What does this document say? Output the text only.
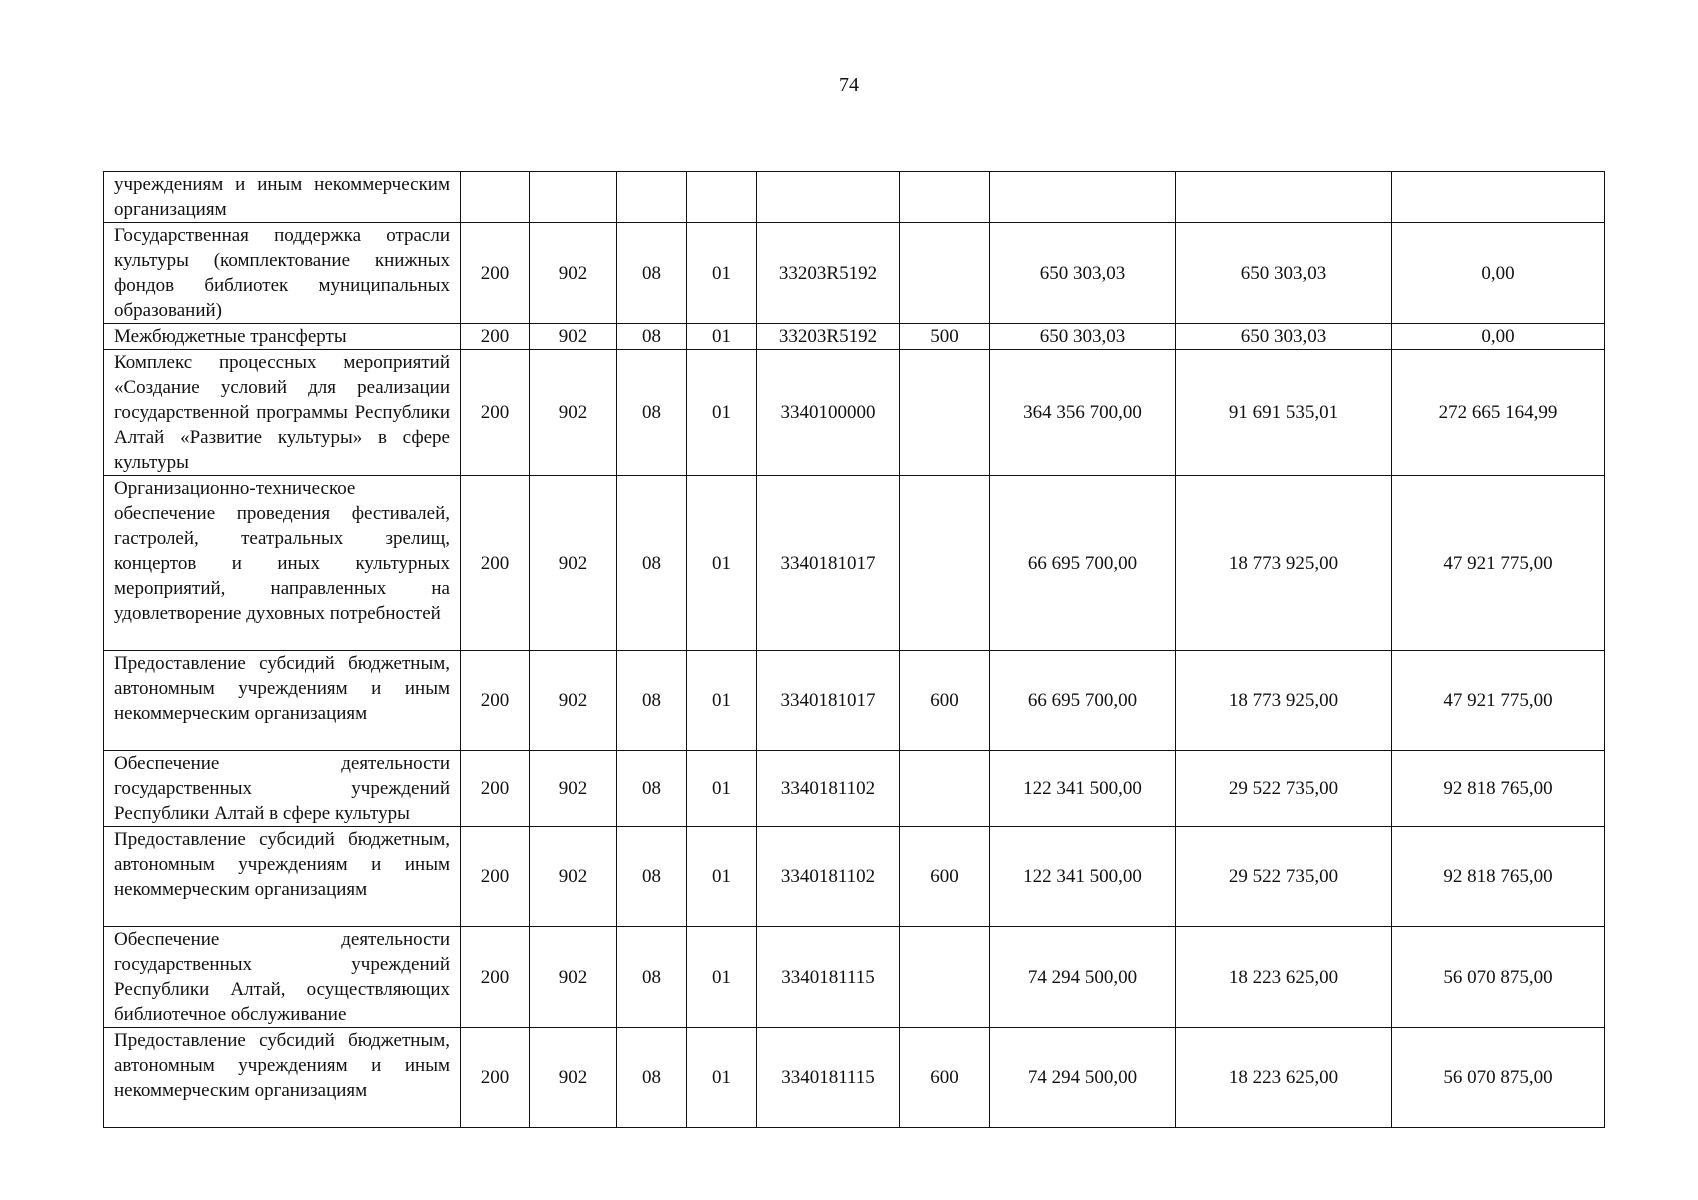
74
учреждениям и иным некоммерческим организациям									
Государственная поддержка отрасли культуры (комплектование книжных фондов библиотек муниципальных образований)	200	902	08	01	33203R5192		650 303,03	650 303,03	0,00
Межбюджетные трансферты	200	902	08	01	33203R5192	500	650 303,03	650 303,03	0,00
Комплекс процессных мероприятий «Создание условий для реализации государственной программы Республики Алтай «Развитие культуры» в сфере культуры	200	902	08	01	3340100000		364 356 700,00	91 691 535,01	272 665 164,99
Организационно-техническое обеспечение проведения фестивалей, гастролей, театральных зрелищ, концертов и иных культурных мероприятий, направленных на удовлетворение духовных потребностей	200	902	08	01	3340181017		66 695 700,00	18 773 925,00	47 921 775,00
Предоставление субсидий бюджетным, автономным учреждениям и иным некоммерческим организациям	200	902	08	01	3340181017	600	66 695 700,00	18 773 925,00	47 921 775,00
Обеспечение деятельности государственных учреждений Республики Алтай в сфере культуры	200	902	08	01	3340181102		122 341 500,00	29 522 735,00	92 818 765,00
Предоставление субсидий бюджетным, автономным учреждениям и иным некоммерческим организациям	200	902	08	01	3340181102	600	122 341 500,00	29 522 735,00	92 818 765,00
Обеспечение деятельности государственных учреждений Республики Алтай, осуществляющих библиотечное обслуживание	200	902	08	01	3340181115		74 294 500,00	18 223 625,00	56 070 875,00
Предоставление субсидий бюджетным, автономным учреждениям и иным некоммерческим организациям	200	902	08	01	3340181115	600	74 294 500,00	18 223 625,00	56 070 875,00
